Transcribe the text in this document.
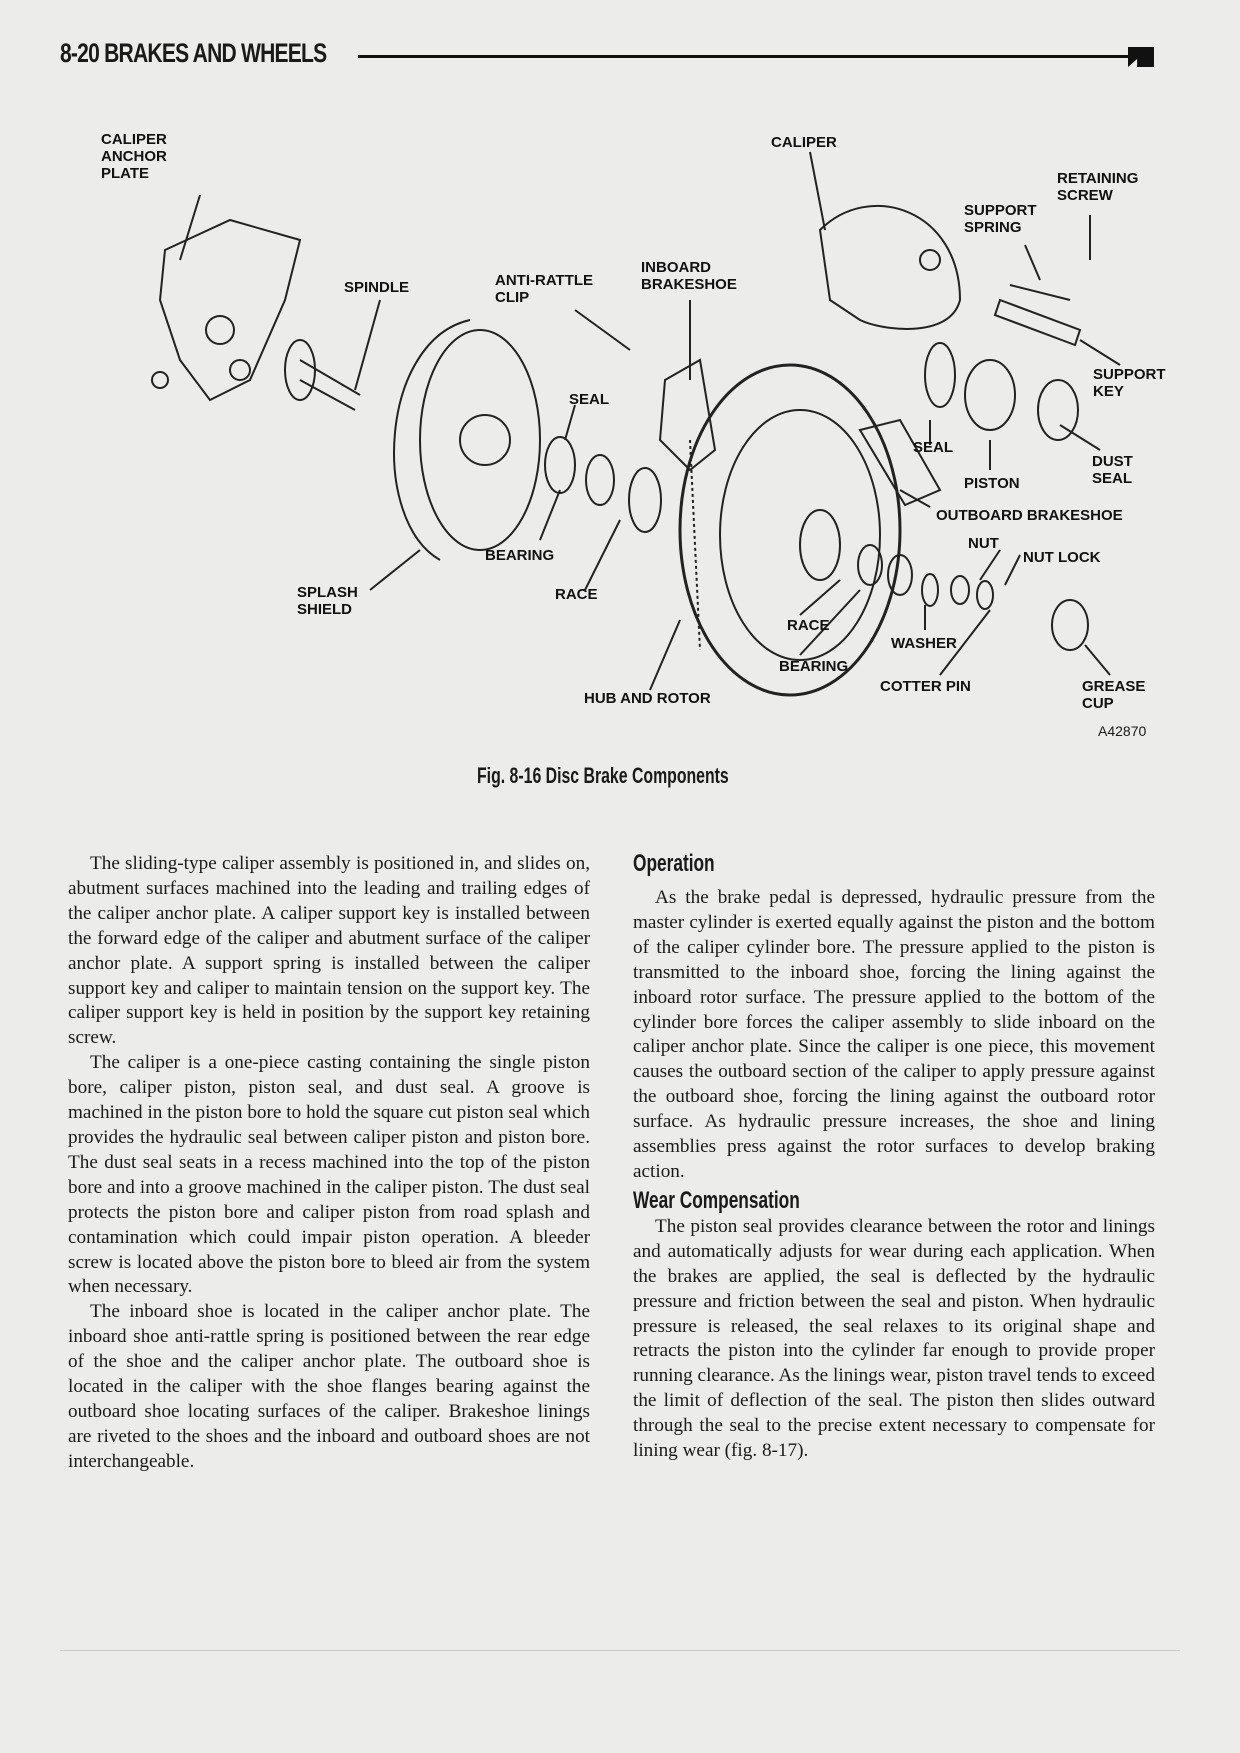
8-20 BRAKES AND WHEELS
CALIPER
ANCHOR
PLATE
CALIPER
RETAINING
SCREW
SUPPORT
SPRING
SPINDLE	ANTI-RATTLE
CLIP
INBOARD
BRAKESHOE
SUPPORT
KEY
SEAL
SEAL
PISTON
DUST
SEAL
OUTBOARD BRAKESHOE
NUT
NUT LOCK
BEARING
SPLASH
SHIELD
RACE
RACE
WASHER
BEARING
COTTER PIN	GREASE
CUP
HUB AND ROTOR
A42870
Fig. 8-16 Disc Brake Components

The sliding-type caliper assembly is positioned in, and slides on, abutment surfaces machined into the leading and trailing edges of the caliper anchor plate. A caliper support key is installed between the forward edge of the caliper and abutment surface of the caliper anchor plate. A support spring is installed between the caliper support key and caliper to maintain tension on the support key. The caliper support key is held in position by the support key retaining screw.

The caliper is a one-piece casting containing the single piston bore, caliper piston, piston seal, and dust seal. A groove is machined in the piston bore to hold the square cut piston seal which provides the hydraulic seal between caliper piston and piston bore. The dust seal seats in a recess machined into the top of the piston bore and into a groove machined in the caliper piston. The dust seal protects the piston bore and caliper piston from road splash and contamination which could impair piston operation. A bleeder screw is located above the piston bore to bleed air from the system when necessary.

The inboard shoe is located in the caliper anchor plate. The inboard shoe anti-rattle spring is positioned between the rear edge of the shoe and the caliper anchor plate. The outboard shoe is located in the caliper with the shoe flanges bearing against the outboard shoe locating surfaces of the caliper. Brakeshoe linings are riveted to the shoes and the inboard and outboard shoes are not interchangeable.

Operation

As the brake pedal is depressed, hydraulic pressure from the master cylinder is exerted equally against the piston and the bottom of the caliper cylinder bore. The pressure applied to the piston is transmitted to the inboard shoe, forcing the lining against the inboard rotor surface. The pressure applied to the bottom of the cylinder bore forces the caliper assembly to slide inboard on the caliper anchor plate. Since the caliper is one piece, this movement causes the outboard section of the caliper to apply pressure against the outboard shoe, forcing the lining against the outboard rotor surface. As hydraulic pressure increases, the shoe and lining assemblies press against the rotor surfaces to develop braking action.

Wear Compensation

The piston seal provides clearance between the rotor and linings and automatically adjusts for wear during each application. When the brakes are applied, the seal is deflected by the hydraulic pressure and friction between the seal and piston. When hydraulic pressure is released, the seal relaxes to its original shape and retracts the piston into the cylinder far enough to provide proper running clearance. As the linings wear, piston travel tends to exceed the limit of deflection of the seal. The piston then slides outward through the seal to the precise extent necessary to compensate for lining wear (fig. 8-17).
